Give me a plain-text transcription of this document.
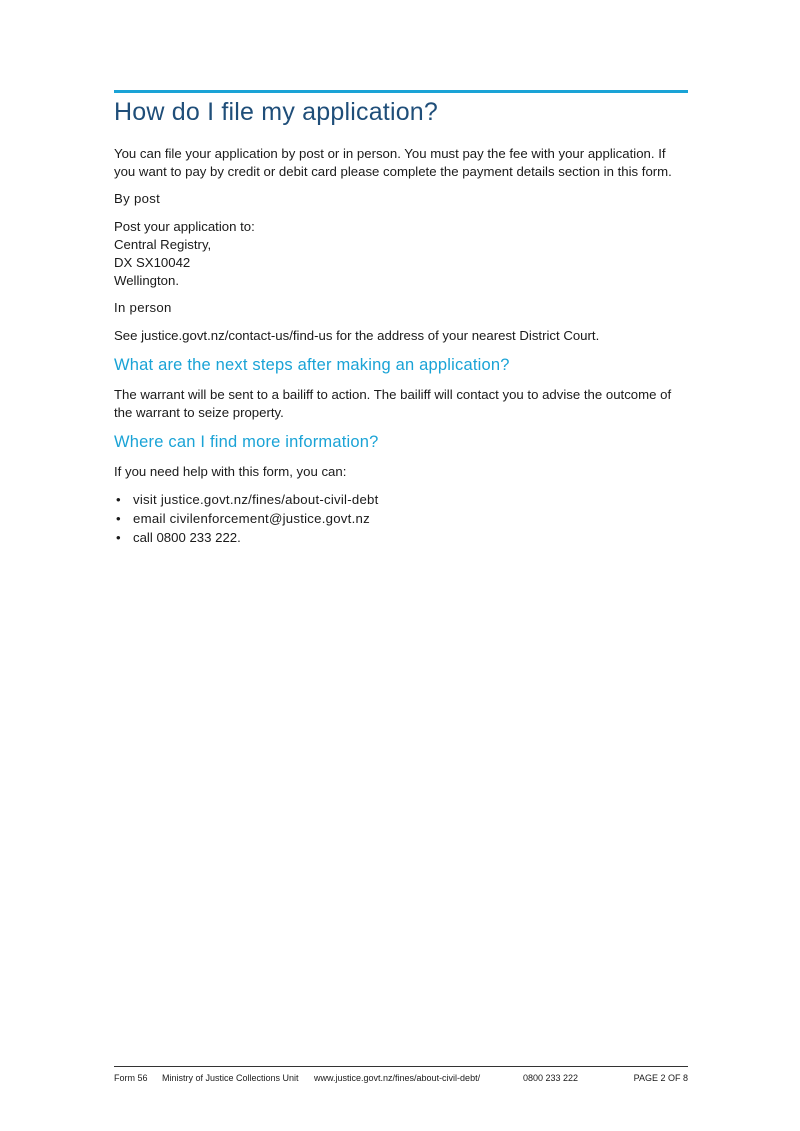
How do I file my application?

You can file your application by post or in person. You must pay the fee with your application. If you want to pay by credit or debit card please complete the payment details section in this form.

By post

Post your application to:
Central Registry,
DX SX10042
Wellington.

In person

See justice.govt.nz/contact-us/find-us for the address of your nearest District Court.

What are the next steps after making an application?

The warrant will be sent to a bailiff to action. The bailiff will contact you to advise the outcome of the warrant to seize property.

Where can I find more information?

If you need help with this form, you can:

• visit justice.govt.nz/fines/about-civil-debt
• email civilenforcement@justice.govt.nz
• call 0800 233 222.
Form 56 Ministry of Justice Collections Unit www.justice.govt.nz/fines/about-civil-debt/	0800 233 222	PAGE 2 OF 8
